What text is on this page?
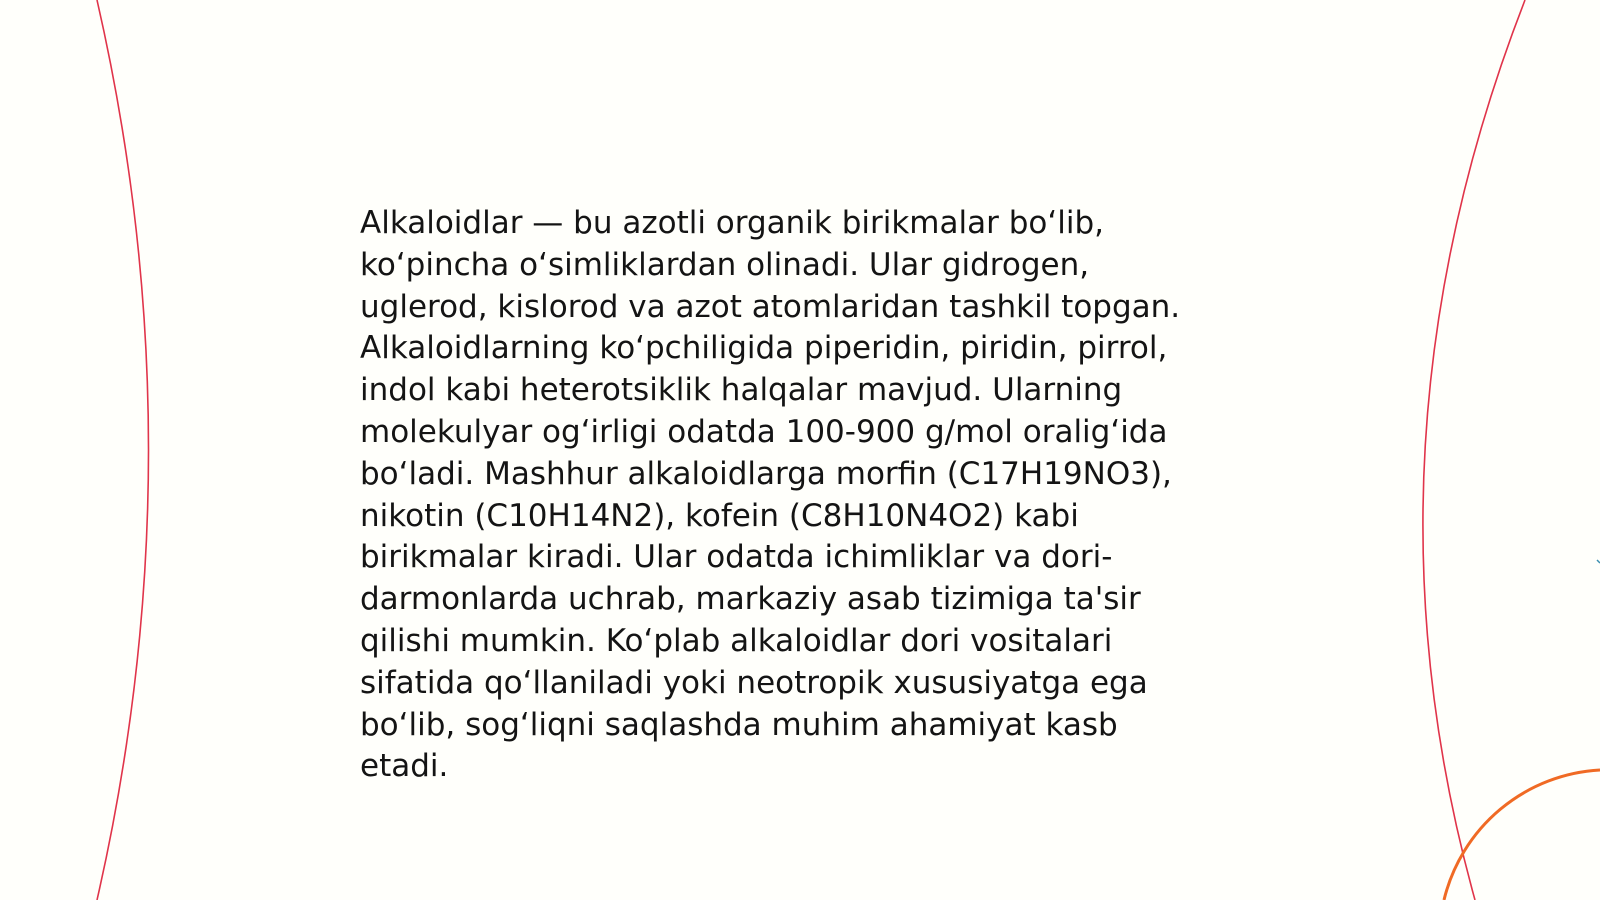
Alkaloidlar — bu azotli organik birikmalar bo‘lib,
ko‘pincha o‘simliklardan olinadi. Ular gidrogen,
uglerod, kislorod va azot atomlaridan tashkil topgan.
Alkaloidlarning ko‘pchiligida piperidin, piridin, pirrol,
indol kabi heterotsiklik halqalar mavjud. Ularning
molekulyar og‘irligi odatda 100-900 g/mol oralig‘ida
bo‘ladi. Mashhur alkaloidlarga morfin (C17H19NO3),
nikotin (C10H14N2), kofein (C8H10N4O2) kabi
birikmalar kiradi. Ular odatda ichimliklar va dori-
darmonlarda uchrab, markaziy asab tizimiga ta'sir
qilishi mumkin. Ko‘plab alkaloidlar dori vositalari
sifatida qo‘llaniladi yoki neotropik xususiyatga ega
bo‘lib, sog‘liqni saqlashda muhim ahamiyat kasb
etadi.
